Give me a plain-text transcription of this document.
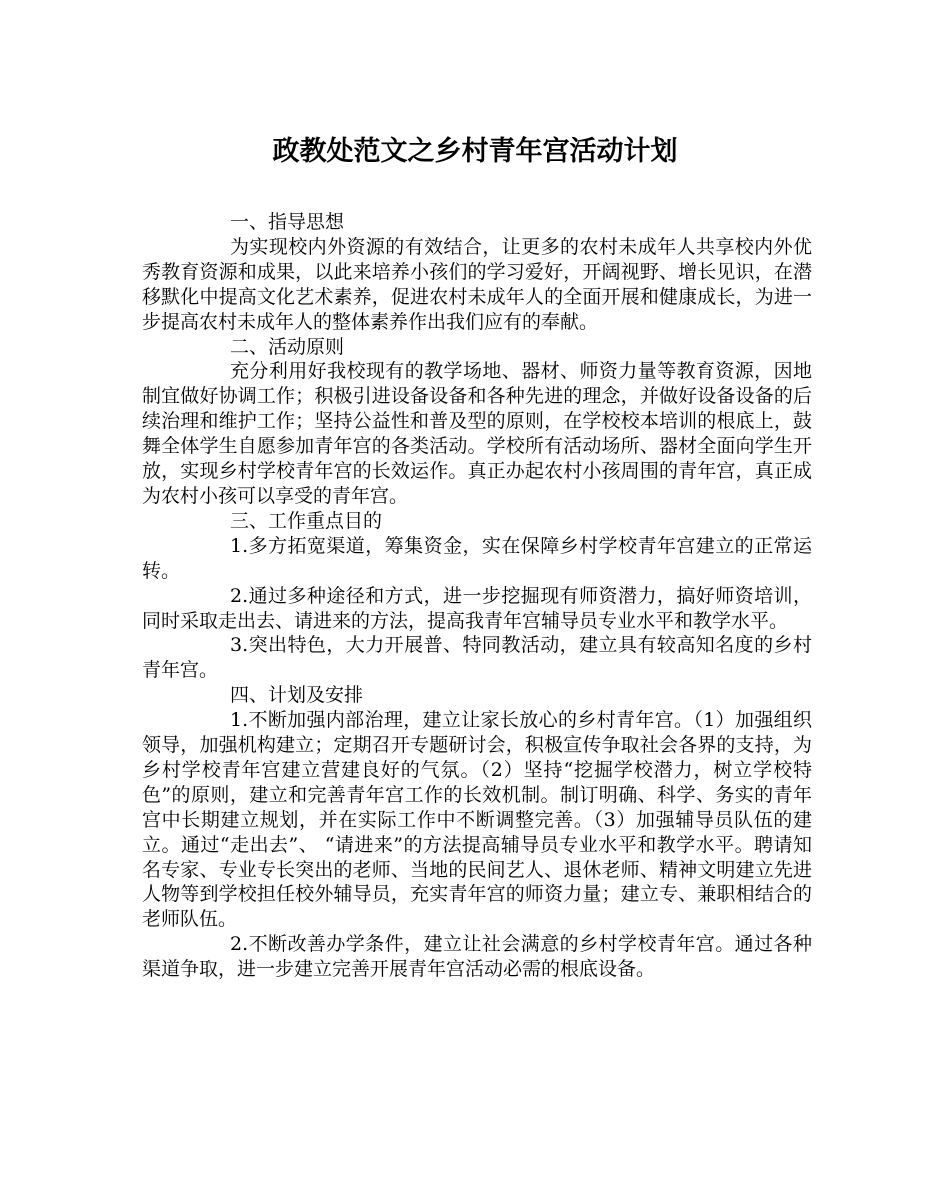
政教处范文之乡村青年宫活动计划

一、指导思想

为实现校内外资源的有效结合，让更多的农村未成年人共享校内外优秀教育资源和成果，以此来培养小孩们的学习爱好，开阔视野、增长见识，在潜移默化中提高文化艺术素养，促进农村未成年人的全面开展和健康成长，为进一步提高农村未成年人的整体素养作出我们应有的奉献。

二、活动原则

充分利用好我校现有的教学场地、器材、师资力量等教育资源，因地制宜做好协调工作；积极引进设备设备和各种先进的理念，并做好设备设备的后续治理和维护工作；坚持公益性和普及型的原则，在学校校本培训的根底上，鼓舞全体学生自愿参加青年宫的各类活动。学校所有活动场所、器材全面向学生开放，实现乡村学校青年宫的长效运作。真正办起农村小孩周围的青年宫，真正成为农村小孩可以享受的青年宫。

三、工作重点目的

1.多方拓宽渠道，筹集资金，实在保障乡村学校青年宫建立的正常运转。

2.通过多种途径和方式，进一步挖掘现有师资潜力，搞好师资培训，同时采取走出去、请进来的方法，提高我青年宫辅导员专业水平和教学水平。

3.突出特色，大力开展普、特同教活动，建立具有较高知名度的乡村青年宫。

四、计划及安排

1.不断加强内部治理，建立让家长放心的乡村青年宫。（1）加强组织领导，加强机构建立；定期召开专题研讨会，积极宣传争取社会各界的支持，为乡村学校青年宫建立营建良好的气氛。（2）坚持“挖掘学校潜力，树立学校特色”的原则，建立和完善青年宫工作的长效机制。制订明确、科学、务实的青年宫中长期建立规划，并在实际工作中不断调整完善。（3）加强辅导员队伍的建立。通过“走出去”、 “请进来”的方法提高辅导员专业水平和教学水平。聘请知名专家、专业专长突出的老师、当地的民间艺人、退休老师、精神文明建立先进人物等到学校担任校外辅导员，充实青年宫的师资力量；建立专、兼职相结合的老师队伍。

2.不断改善办学条件，建立让社会满意的乡村学校青年宫。通过各种渠道争取，进一步建立完善开展青年宫活动必需的根底设备。
